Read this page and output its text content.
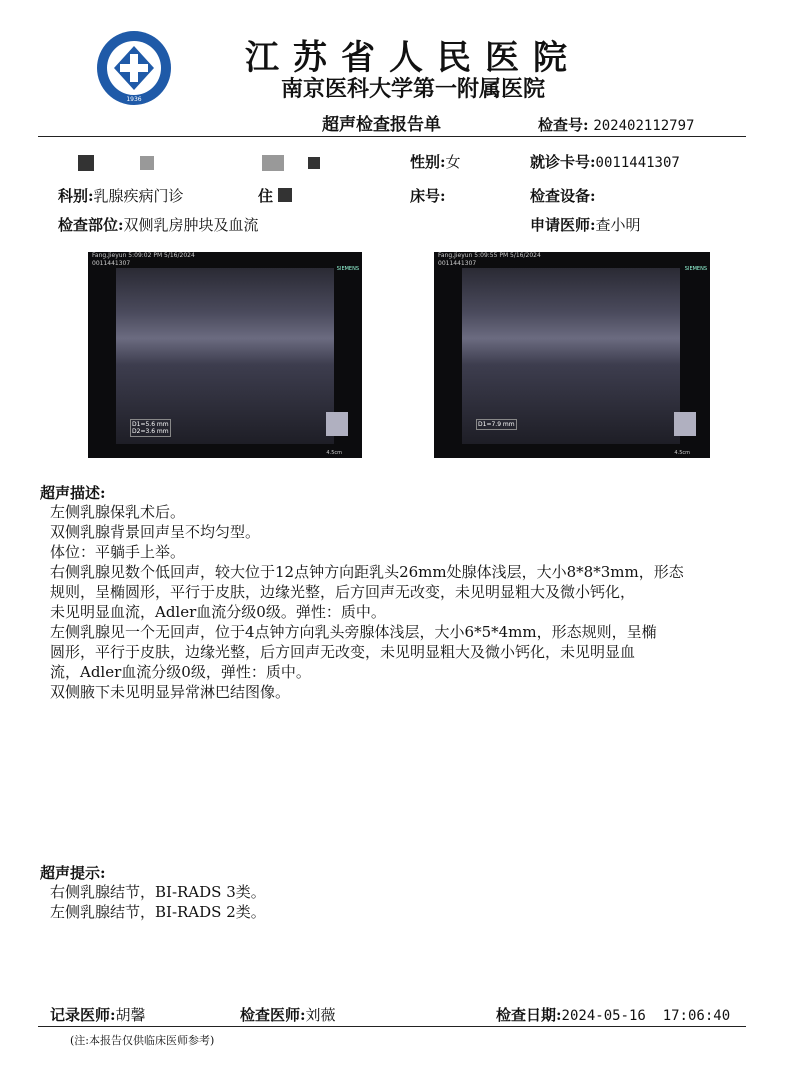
1936
江苏省人民医院
南京医科大学第一附属医院
超声检查报告单	检查号: 202402112797
性别:女	就诊卡号:0011441307
科别:乳腺疾病门诊	住	床号:	检查设备:
检查部位:双侧乳房肿块及血流	申请医师:查小明
Fang,Jieyun 5:09:02 PM 5/16/2024
0011441307
SIEMENS
D1=5.6 mm
D2=3.6 mm
4.5cm
Fang,Jieyun 5:09:55 PM 5/16/2024
0011441307
SIEMENS
D1=7.9 mm
4.5cm
超声描述:
左侧乳腺保乳术后。
双侧乳腺背景回声呈不均匀型。
体位：平躺手上举。
右侧乳腺见数个低回声，较大位于12点钟方向距乳头26mm处腺体浅层，大小8*8*3mm，形态
规则，呈椭圆形，平行于皮肤，边缘光整，后方回声无改变，未见明显粗大及微小钙化，
未见明显血流，Adler血流分级0级。弹性：质中。
左侧乳腺见一个无回声，位于4点钟方向乳头旁腺体浅层，大小6*5*4mm，形态规则，呈椭
圆形，平行于皮肤，边缘光整，后方回声无改变，未见明显粗大及微小钙化，未见明显血
流，Adler血流分级0级，弹性：质中。
双侧腋下未见明显异常淋巴结图像。
超声提示:
右侧乳腺结节，BI-RADS 3类。
左侧乳腺结节，BI-RADS 2类。
记录医师:胡馨	检查医师:刘薇	检查日期:2024-05-16  17:06:40
(注:本报告仅供临床医师参考)
